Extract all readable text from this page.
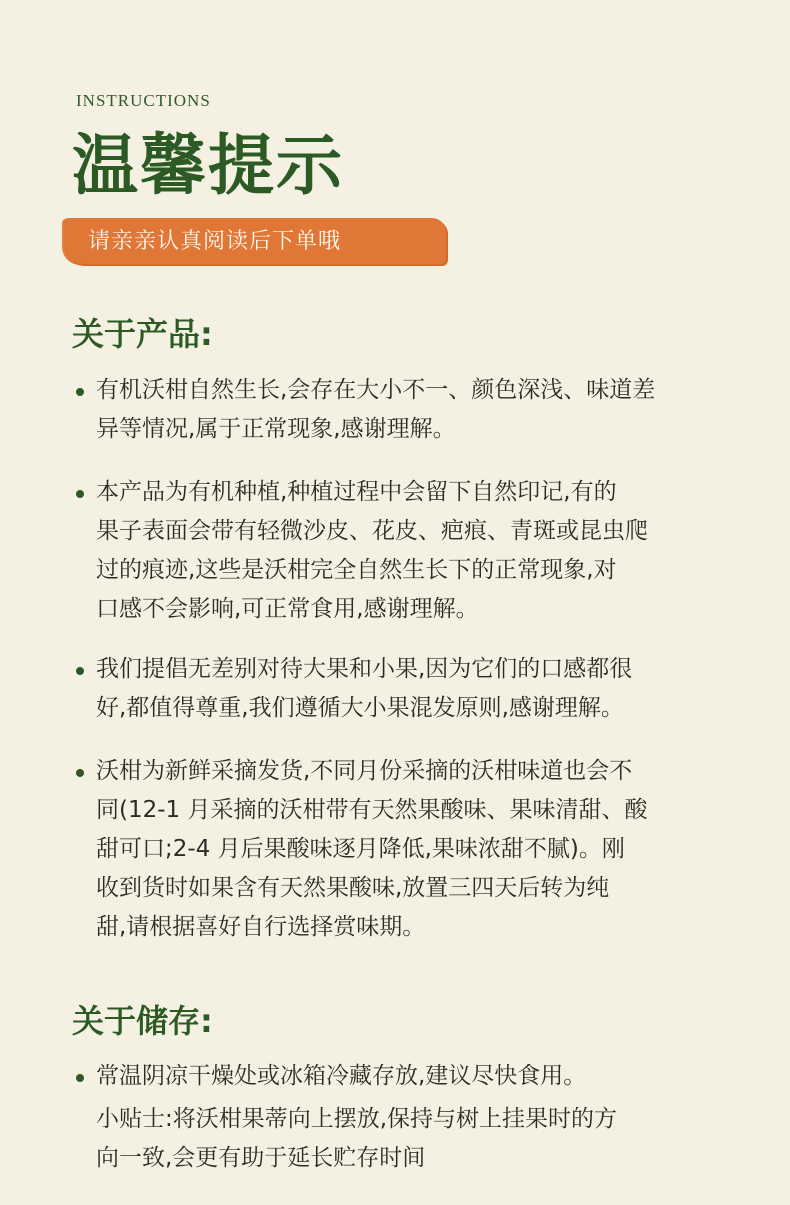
INSTRUCTIONS
温馨提示
请亲亲认真阅读后下单哦
关于产品:
有机沃柑自然生长,会存在大小不一、颜色深浅、味道差
异等情况,属于正常现象,感谢理解。
本产品为有机种植,种植过程中会留下自然印记,有的
果子表面会带有轻微沙皮、花皮、疤痕、青斑或昆虫爬
过的痕迹,这些是沃柑完全自然生长下的正常现象,对
口感不会影响,可正常食用,感谢理解。
我们提倡无差别对待大果和小果,因为它们的口感都很
好,都值得尊重,我们遵循大小果混发原则,感谢理解。
沃柑为新鲜采摘发货,不同月份采摘的沃柑味道也会不
同(12-1 月采摘的沃柑带有天然果酸味、果味清甜、酸
甜可口;2-4 月后果酸味逐月降低,果味浓甜不腻)。刚
收到货时如果含有天然果酸味,放置三四天后转为纯
甜,请根据喜好自行选择赏味期。
关于储存:
常温阴凉干燥处或冰箱冷藏存放,建议尽快食用。
小贴士:将沃柑果蒂向上摆放,保持与树上挂果时的方
向一致,会更有助于延长贮存时间
